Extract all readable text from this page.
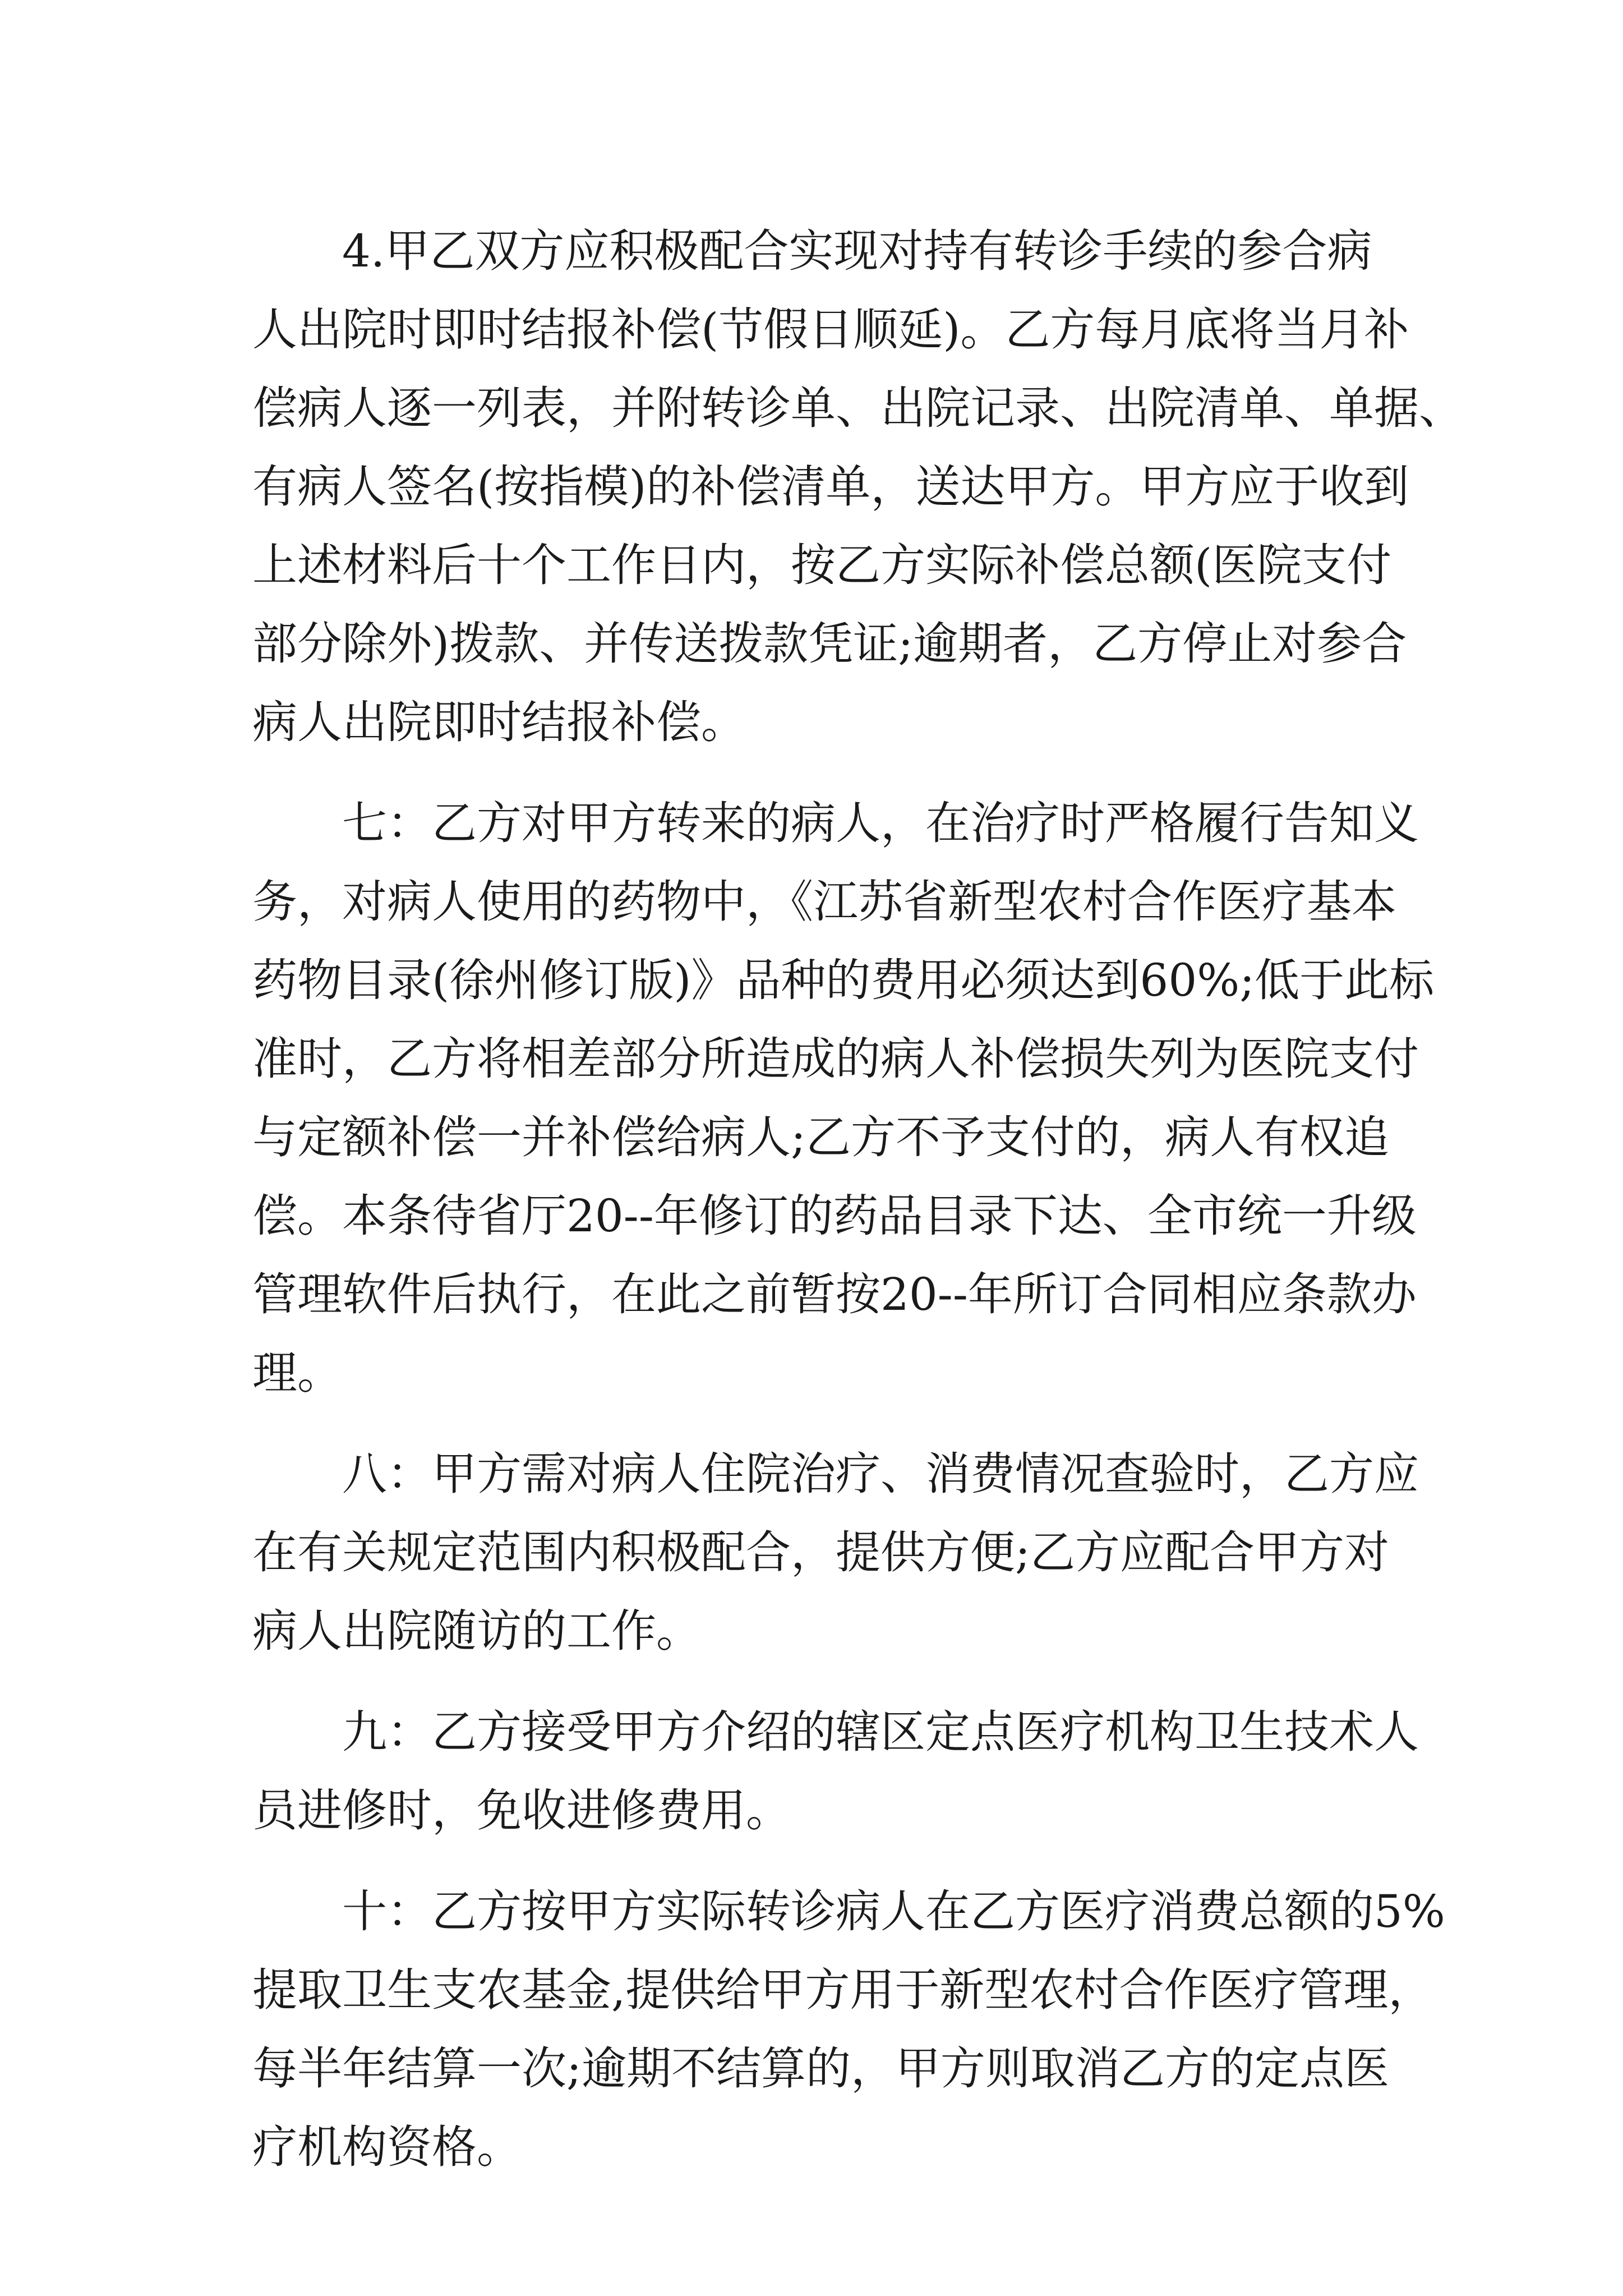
4.甲乙双方应积极配合实现对持有转诊手续的参合病
人出院时即时结报补偿(节假日顺延)。乙方每月底将当月补
偿病人逐一列表，并附转诊单、出院记录、出院清单、单据、
有病人签名(按指模)的补偿清单，送达甲方。甲方应于收到
上述材料后十个工作日内，按乙方实际补偿总额(医院支付
部分除外)拨款、并传送拨款凭证;逾期者，乙方停止对参合
病人出院即时结报补偿。
七：乙方对甲方转来的病人，在治疗时严格履行告知义
务，对病人使用的药物中，《江苏省新型农村合作医疗基本
药物目录(徐州修订版)》品种的费用必须达到60%;低于此标
准时，乙方将相差部分所造成的病人补偿损失列为医院支付
与定额补偿一并补偿给病人;乙方不予支付的，病人有权追
偿。本条待省厅20--年修订的药品目录下达、全市统一升级
管理软件后执行，在此之前暂按20--年所订合同相应条款办
理。
八：甲方需对病人住院治疗、消费情况查验时，乙方应
在有关规定范围内积极配合，提供方便;乙方应配合甲方对
病人出院随访的工作。
九：乙方接受甲方介绍的辖区定点医疗机构卫生技术人
员进修时，免收进修费用。
十：乙方按甲方实际转诊病人在乙方医疗消费总额的5%
提取卫生支农基金,提供给甲方用于新型农村合作医疗管理，
每半年结算一次;逾期不结算的，甲方则取消乙方的定点医
疗机构资格。
